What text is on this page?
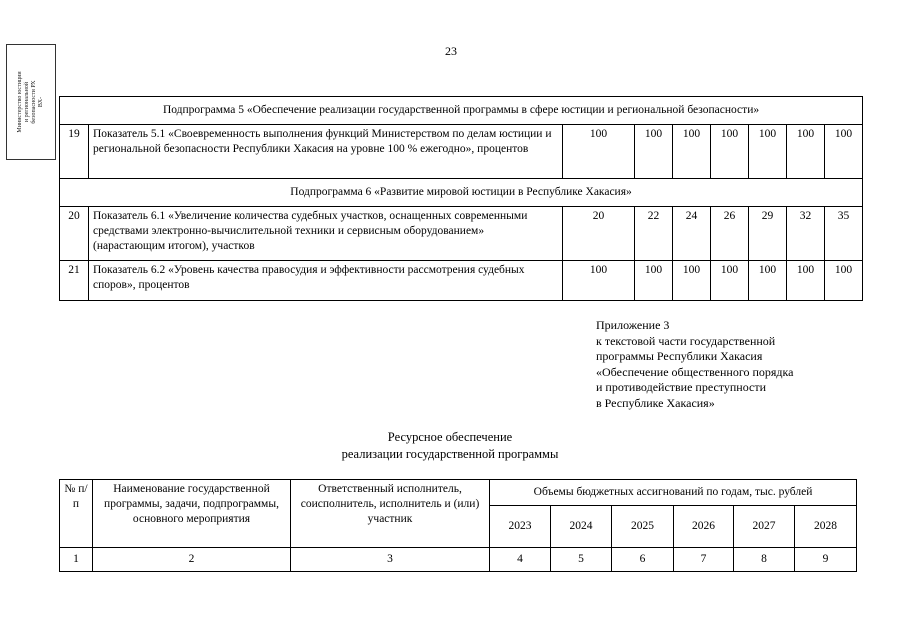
23
Министерство юстиции и региональной безопасности РХ ВХ-
Подпрограмма 5 «Обеспечение реализации государственной программы в сфере юстиции и региональной безопасности»								
19	Показатель 5.1 «Своевременность выполнения функций Министерством по делам юстиции и региональной безопасности Республики Хакасия на уровне 100 % ежегодно», процентов	100	100	100	100	100	100	100
Подпрограмма 6 «Развитие мировой юстиции в Республике Хакасия»								
20	Показатель 6.1 «Увеличение количества судебных участков, оснащенных современными средствами электронно-вычислительной техники и сервисным оборудованием» (нарастающим итогом), участков	20	22	24	26	29	32	35
21	Показатель 6.2 «Уровень качества правосудия и эффективности рассмотрения судебных споров», процентов	100	100	100	100	100	100	100
Приложение 3
к текстовой части государственной
программы Республики Хакасия
«Обеспечение общественного порядка
и противодействие преступности
в Республике Хакасия»
Ресурсное обеспечение
реализации государственной программы
№ п/п	Наименование государственной программы, задачи, подпрограммы, основного мероприятия	Ответственный исполнитель, соисполнитель, исполнитель и (или) участник	Объемы бюджетных ассигнований по годам, тыс. рублей					
			2023	2024	2025	2026	2027	2028
1	2	3	4	5	6	7	8	9
